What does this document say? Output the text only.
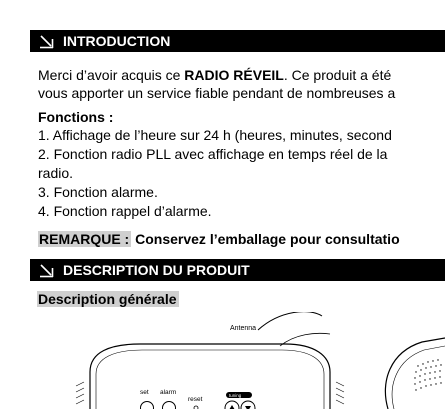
INTRODUCTION
Merci d’avoir acquis ce RADIO RÉVEIL. Ce produit a été
vous apporter un service fiable pendant de nombreuses a
Fonctions :
1. Affichage de l’heure sur 24 h (heures, minutes, second
2. Fonction radio PLL avec affichage en temps réel de la
radio.
3. Fonction alarme.
4. Fonction rappel d’alarme.
REMARQUE : Conservez l’emballage pour consultatio
DESCRIPTION DU PRODUIT
Description générale
Antenna
set alarm
reset
tuning
